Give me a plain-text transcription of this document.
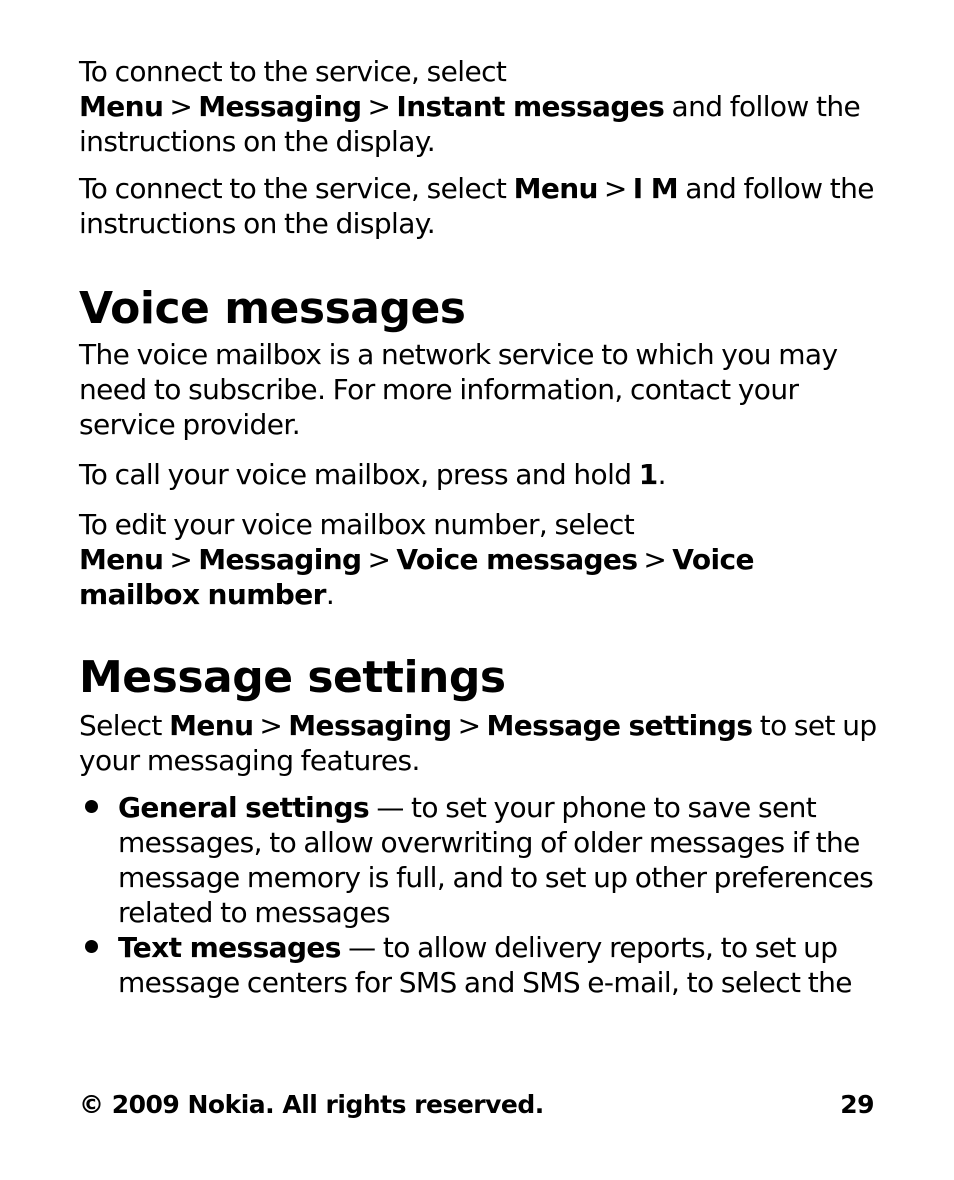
To connect to the service, select Menu > Messaging > Instant messages and follow the instructions on the display.

To connect to the service, select Menu > I M and follow the instructions on the display.

Voice messages

The voice mailbox is a network service to which you may need to subscribe. For more information, contact your service provider.

To call your voice mailbox, press and hold 1.

To edit your voice mailbox number, select Menu > Messaging > Voice messages > Voice mailbox number.

Message settings

Select Menu > Messaging > Message settings to set up your messaging features.

General settings — to set your phone to save sent messages, to allow overwriting of older messages if the message memory is full, and to set up other preferences related to messages
Text messages — to allow delivery reports, to set up message centers for SMS and SMS e-mail, to select the
© 2009 Nokia. All rights reserved.	29
